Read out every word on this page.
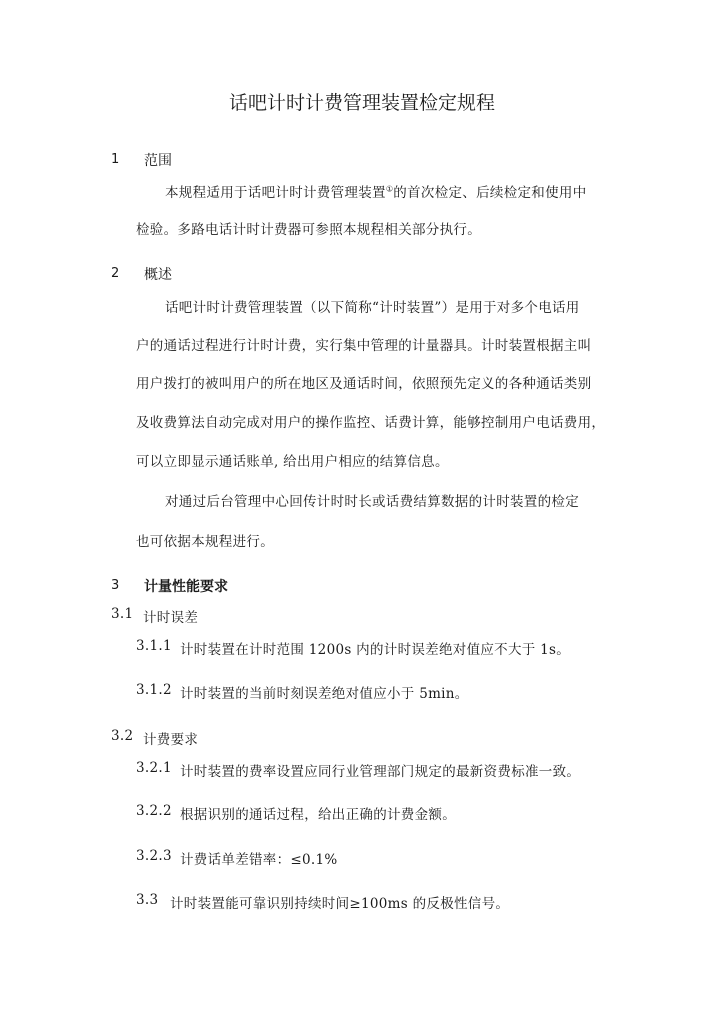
话吧计时计费管理装置检定规程
1 范围
本规程适用于话吧计时计费管理装置①的首次检定、后续检定和使用中
检验。多路电话计时计费器可参照本规程相关部分执行。
2 概述
话吧计时计费管理装置（以下简称“计时装置”）是用于对多个电话用
户的通话过程进行计时计费，实行集中管理的计量器具。计时装置根据主叫
用户拨打的被叫用户的所在地区及通话时间，依照预先定义的各种通话类别
及收费算法自动完成对用户的操作监控、话费计算，能够控制用户电话费用，
可以立即显示通话账单, 给出用户相应的结算信息。
对通过后台管理中心回传计时时长或话费结算数据的计时装置的检定
也可依据本规程进行。
3 计量性能要求
3.1 计时误差
3.1.1 计时装置在计时范围 1200s 内的计时误差绝对值应不大于 1s。
3.1.2 计时装置的当前时刻误差绝对值应小于 5min。
3.2 计费要求
3.2.1 计时装置的费率设置应同行业管理部门规定的最新资费标准一致。
3.2.2 根据识别的通话过程，给出正确的计费金额。
3.2.3 计费话单差错率：≤0.1%
3.3 计时装置能可靠识别持续时间≥100ms 的反极性信号。
